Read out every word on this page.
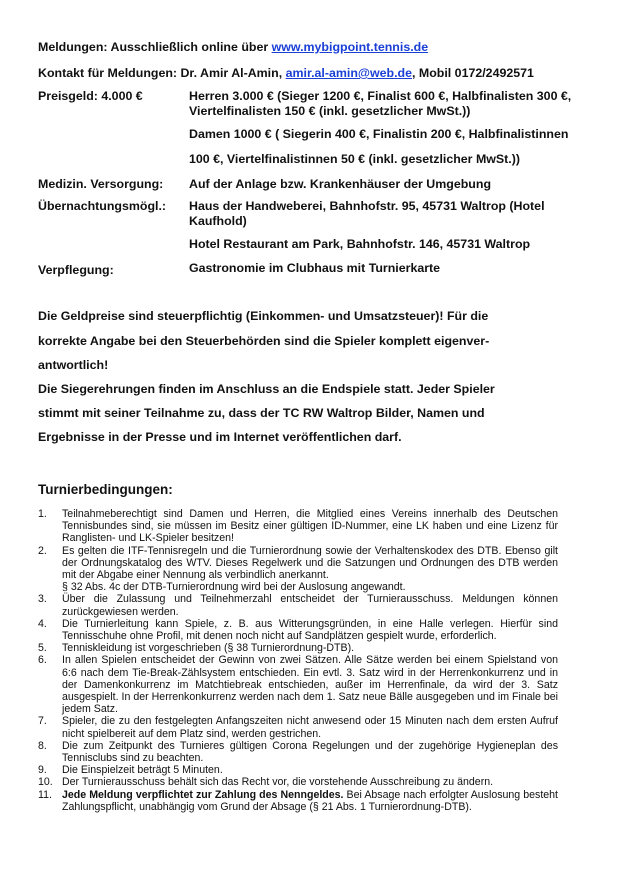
Meldungen: Ausschließlich online über www.mybigpoint.tennis.de
Kontakt für Meldungen: Dr. Amir Al-Amin, amir.al-amin@web.de, Mobil 0172/2492571
Preisgeld: 4.000 €	Herren 3.000 € (Sieger 1200 €, Finalist 600 €, Halbfinalisten 300 €, Viertelfinalisten 150 € (inkl. gesetzlicher MwSt.))
Damen 1000 € ( Siegerin 400 €, Finalistin 200 €, Halbfinalistinnen
100 €, Viertelfinalistinnen 50 € (inkl. gesetzlicher MwSt.))
Medizin. Versorgung: Auf der Anlage bzw. Krankenhäuser der Umgebung
Übernachtungsmögl.: Haus der Handweberei, Bahnhofstr. 95, 45731 Waltrop (Hotel Kaufhold)
Hotel Restaurant am Park, Bahnhofstr. 146, 45731 Waltrop
Verpflegung:	Gastronomie im Clubhaus mit Turnierkarte
Die Geldpreise sind steuerpflichtig (Einkommen- und Umsatzsteuer)! Für die
korrekte Angabe bei den Steuerbehörden sind die Spieler komplett eigenver-
antwortlich!
Die Siegerehrungen finden im Anschluss an die Endspiele statt. Jeder Spieler
stimmt mit seiner Teilnahme zu, dass der TC RW Waltrop Bilder, Namen und
Ergebnisse in der Presse und im Internet veröffentlichen darf.
Turnierbedingungen:
1. Teilnahmeberechtigt sind Damen und Herren, die Mitglied eines Vereins innerhalb des Deutschen Tennisbundes sind, sie müssen im Besitz einer gültigen ID-Nummer, eine LK haben und eine Lizenz für Ranglisten- und LK-Spieler besitzen!
2. Es gelten die ITF-Tennisregeln und die Turnierordnung sowie der Verhaltenskodex des DTB. Ebenso gilt der Ordnungskatalog des WTV. Dieses Regelwerk und die Satzungen und Ordnungen des DTB werden mit der Abgabe einer Nennung als verbindlich anerkannt.
§ 32 Abs. 4c der DTB-Turnierordnung wird bei der Auslosung angewandt.
3. Über die Zulassung und Teilnehmerzahl entscheidet der Turnierausschuss. Meldungen können zurückgewiesen werden.
4. Die Turnierleitung kann Spiele, z. B. aus Witterungsgründen, in eine Halle verlegen. Hierfür sind Tennisschuhe ohne Profil, mit denen noch nicht auf Sandplätzen gespielt wurde, erforderlich.
5. Tenniskleidung ist vorgeschrieben (§ 38 Turnierordnung-DTB).
6. In allen Spielen entscheidet der Gewinn von zwei Sätzen. Alle Sätze werden bei einem Spielstand von 6:6 nach dem Tie-Break-Zählsystem entschieden. Ein evtl. 3. Satz wird in der Herrenkonkurrenz und in der Damenkonkurrenz im Matchtiebreak entschieden, außer im Herrenfinale, da wird der 3. Satz ausgespielt. In der Herrenkonkurrenz werden nach dem 1. Satz neue Bälle ausgegeben und im Finale bei jedem Satz.
7. Spieler, die zu den festgelegten Anfangszeiten nicht anwesend oder 15 Minuten nach dem ersten Aufruf nicht spielbereit auf dem Platz sind, werden gestrichen.
8. Die zum Zeitpunkt des Turnieres gültigen Corona Regelungen und der zugehörige Hygieneplan des Tennisclubs sind zu beachten.
9. Die Einspielzeit beträgt 5 Minuten.
10. Der Turnierausschuss behält sich das Recht vor, die vorstehende Ausschreibung zu ändern.
11. Jede Meldung verpflichtet zur Zahlung des Nenngeldes. Bei Absage nach erfolgter Auslosung besteht Zahlungspflicht, unabhängig vom Grund der Absage (§ 21 Abs. 1 Turnierordnung-DTB).
